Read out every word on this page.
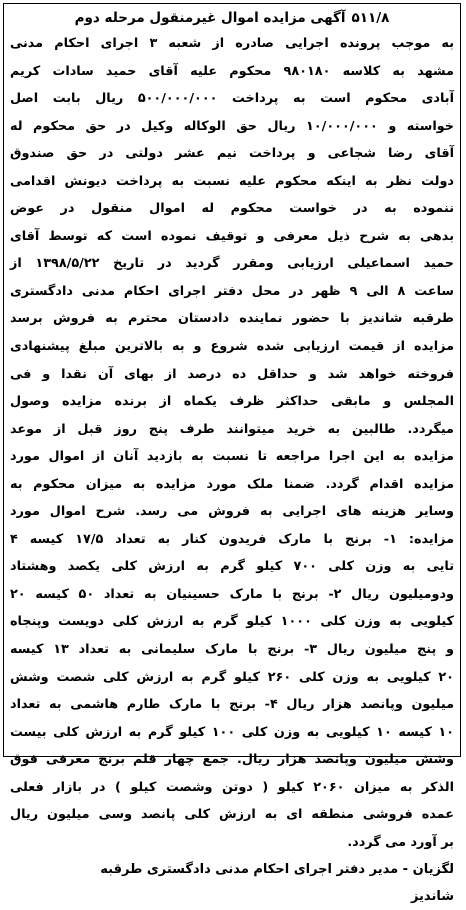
۵۱۱/۸آگهی مزایده اموال غیرمنقول مرحله دوم
به موجب پرونده اجرایی صادره از شعبه ۳ اجرای احکام مدنی
مشهد به کلاسه ۹۸۰۱۸۰ محکوم علیه آقای حمید سادات کریم
آبادی محکوم است به پرداخت ۵۰۰/۰۰۰/۰۰۰ ریال بابت اصل
خواسته و ۱۰/۰۰۰/۰۰۰ ریال حق الوکاله وکیل در حق محکوم له
آقای رضا شجاعی و پرداخت نیم عشر دولتی در حق صندوق
دولت نظر به اینکه محکوم علیه نسبت به پرداخت دیونش اقدامی
ننموده به در خواست محکوم له اموال منقول در عوض
بدهی به شرح ذیل معرفی و توقیف نموده است که توسط آقای
حمید اسماعیلی ارزیابی ومقرر گردید در تاریخ ۱۳۹۸/۵/۲۲ از
ساعت ۸ الی ۹ ظهر در محل دفتر اجرای احکام مدنی دادگستری
طرقبه شاندیز با حضور نماینده دادستان محترم به فروش برسد
مزایده از قیمت ارزیابی شده شروع و به بالاترین مبلغ پیشنهادی
فروخته خواهد شد و حداقل ده درصد از بهای آن نقدا و فی
المجلس و مابقی حداکثر ظرف یکماه از برنده مزایده وصول
میگردد. طالبین به خرید میتوانند طرف پنج روز قبل از موعد
مزایده به این اجرا مراجعه تا نسبت به بازدید آنان از اموال مورد
مزایده اقدام گردد. ضمنا ملک مورد مزایده به میزان محکوم به
وسایر هزینه های اجرایی به فروش می رسد. شرح اموال مورد
مزایده: ۱- برنج با مارک فریدون کنار به تعداد ۱۷/۵ کیسه ۴
تایی به وزن کلی ۷۰۰ کیلو گرم به ارزش کلی یکصد وهشتاد
ودومیلیون ریال ۲- برنج با مارک حسینیان به تعداد ۵۰ کیسه ۲۰
کیلویی به وزن کلی ۱۰۰۰ کیلو گرم به ارزش کلی دویست وپنجاه
و پنج میلیون ریال ۳- برنج با مارک سلیمانی به تعداد ۱۳ کیسه
۲۰ کیلویی به وزن کلی ۲۶۰ کیلو گرم به ارزش کلی شصت وشش
میلیون وپانصد هزار ریال ۴- برنج با مارک طارم هاشمی به تعداد
۱۰ کیسه ۱۰ کیلویی به وزن کلی ۱۰۰ کیلو گرم به ارزش کلی بیست
وشش میلیون وپانصد هزار ریال. جمع چهار قلم برنج معرفی فوق
الذکر به میزان ۲۰۶۰ کیلو ( دوتن وشصت کیلو ) در بازار فعلی
عمده فروشی منطقه ای به ارزش کلی پانصد وسی میلیون ریال
بر آورد می گردد.
لگزیان - مدیر دفتر اجرای احکام مدنی دادگستری طرقبه
شاندیز
